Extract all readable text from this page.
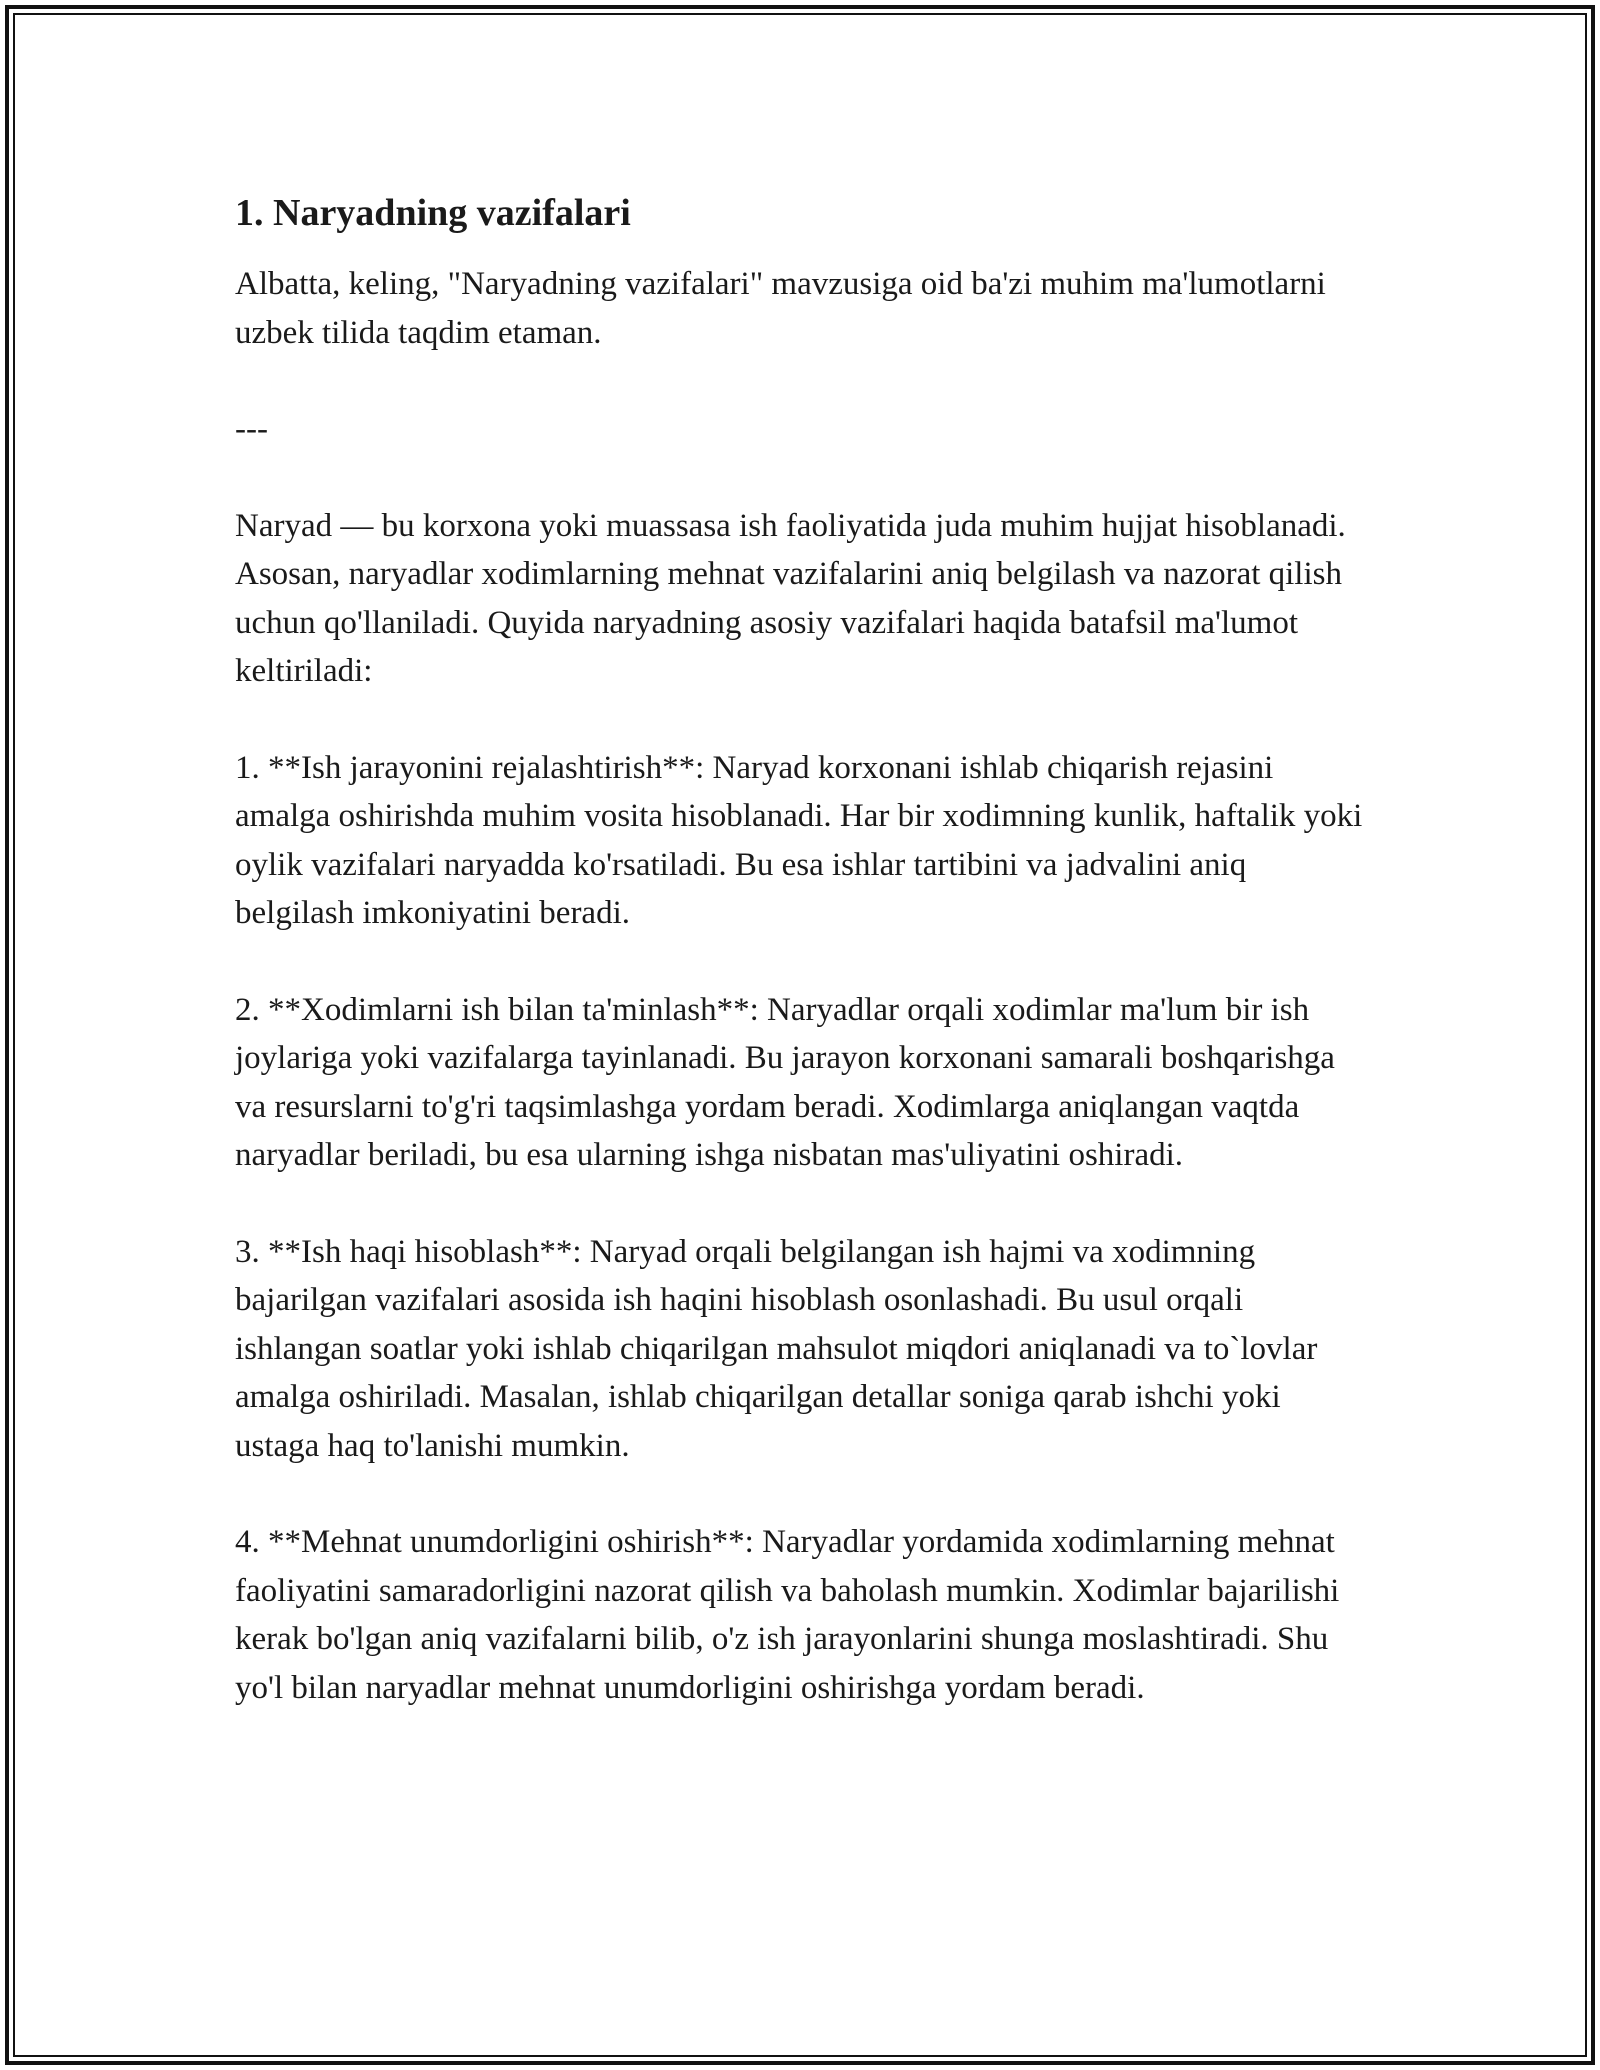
1. Naryadning vazifalari
Albatta, keling, "Naryadning vazifalari" mavzusiga oid ba'zi muhim ma'lumotlarni uzbek tilida taqdim etaman.
---
Naryad — bu korxona yoki muassasa ish faoliyatida juda muhim hujjat hisoblanadi. Asosan, naryadlar xodimlarning mehnat vazifalarini aniq belgilash va nazorat qilish uchun qo'llaniladi. Quyida naryadning asosiy vazifalari haqida batafsil ma'lumot keltiriladi:
1. **Ish jarayonini rejalashtirish**: Naryad korxonani ishlab chiqarish rejasini amalga oshirishda muhim vosita hisoblanadi. Har bir xodimning kunlik, haftalik yoki oylik vazifalari naryadda ko'rsatiladi. Bu esa ishlar tartibini va jadvalini aniq belgilash imkoniyatini beradi.
2. **Xodimlarni ish bilan ta'minlash**: Naryadlar orqali xodimlar ma'lum bir ish joylariga yoki vazifalarga tayinlanadi. Bu jarayon korxonani samarali boshqarishga va resurslarni to'g'ri taqsimlashga yordam beradi. Xodimlarga aniqlangan vaqtda naryadlar beriladi, bu esa ularning ishga nisbatan mas'uliyatini oshiradi.
3. **Ish haqi hisoblash**: Naryad orqali belgilangan ish hajmi va xodimning bajarilgan vazifalari asosida ish haqini hisoblash osonlashadi. Bu usul orqali ishlangan soatlar yoki ishlab chiqarilgan mahsulot miqdori aniqlanadi va to`lovlar amalga oshiriladi. Masalan, ishlab chiqarilgan detallar soniga qarab ishchi yoki ustaga haq to'lanishi mumkin.
4. **Mehnat unumdorligini oshirish**: Naryadlar yordamida xodimlarning mehnat faoliyatini samaradorligini nazorat qilish va baholash mumkin. Xodimlar bajarilishi kerak bo'lgan aniq vazifalarni bilib, o'z ish jarayonlarini shunga moslashtiradi. Shu yo'l bilan naryadlar mehnat unumdorligini oshirishga yordam beradi.
